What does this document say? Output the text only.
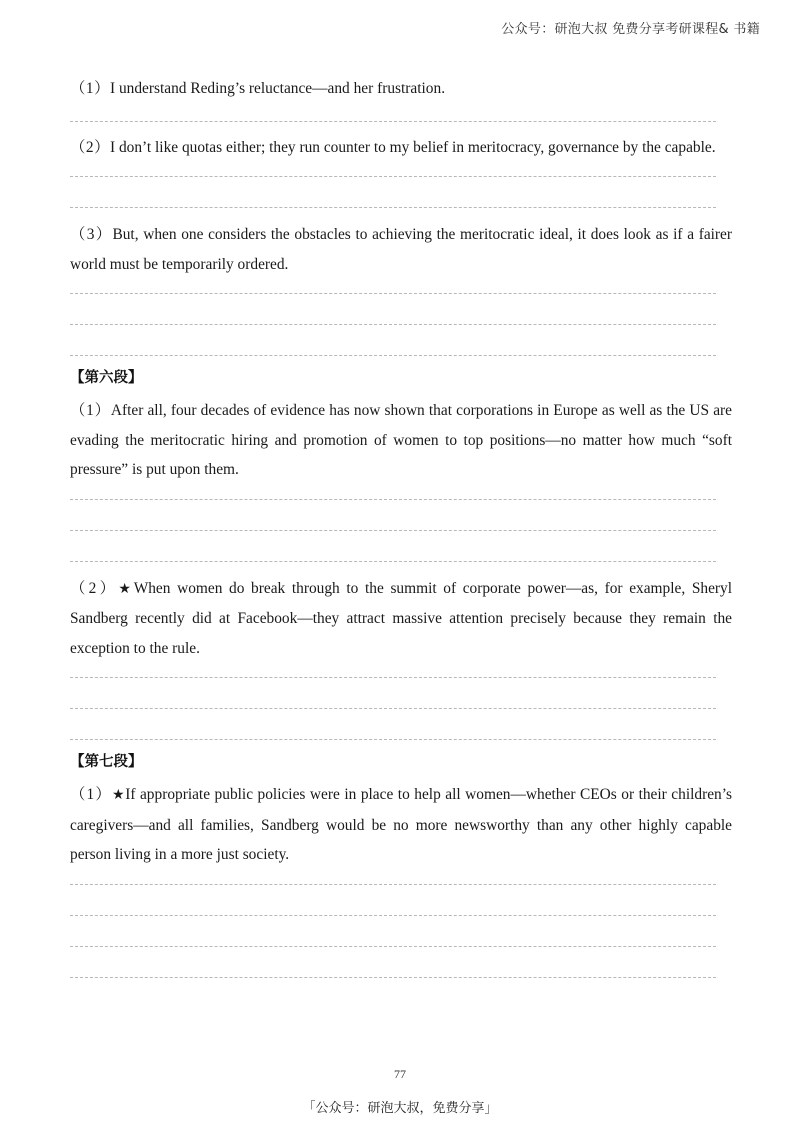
公众号：研泡大叔 免费分享考研课程& 书籍

（1）I understand Reding’s reluctance—and her frustration.

（2）I don’t like quotas either; they run counter to my belief in meritocracy, governance by the capable.

（3）But, when one considers the obstacles to achieving the meritocratic ideal, it does look as if a fairer world must be temporarily ordered.

【第六段】

（1）After all, four decades of evidence has now shown that corporations in Europe as well as the US are evading the meritocratic hiring and promotion of women to top positions—no matter how much “soft pressure” is put upon them.

（2）★When women do break through to the summit of corporate power—as, for example, Sheryl Sandberg recently did at Facebook—they attract massive attention precisely because they remain the exception to the rule.

【第七段】

（1）★If appropriate public policies were in place to help all women—whether CEOs or their children’s caregivers—and all families, Sandberg would be no more newsworthy than any other highly capable person living in a more just society.

77
「公众号：研泡大叔，免费分享」
